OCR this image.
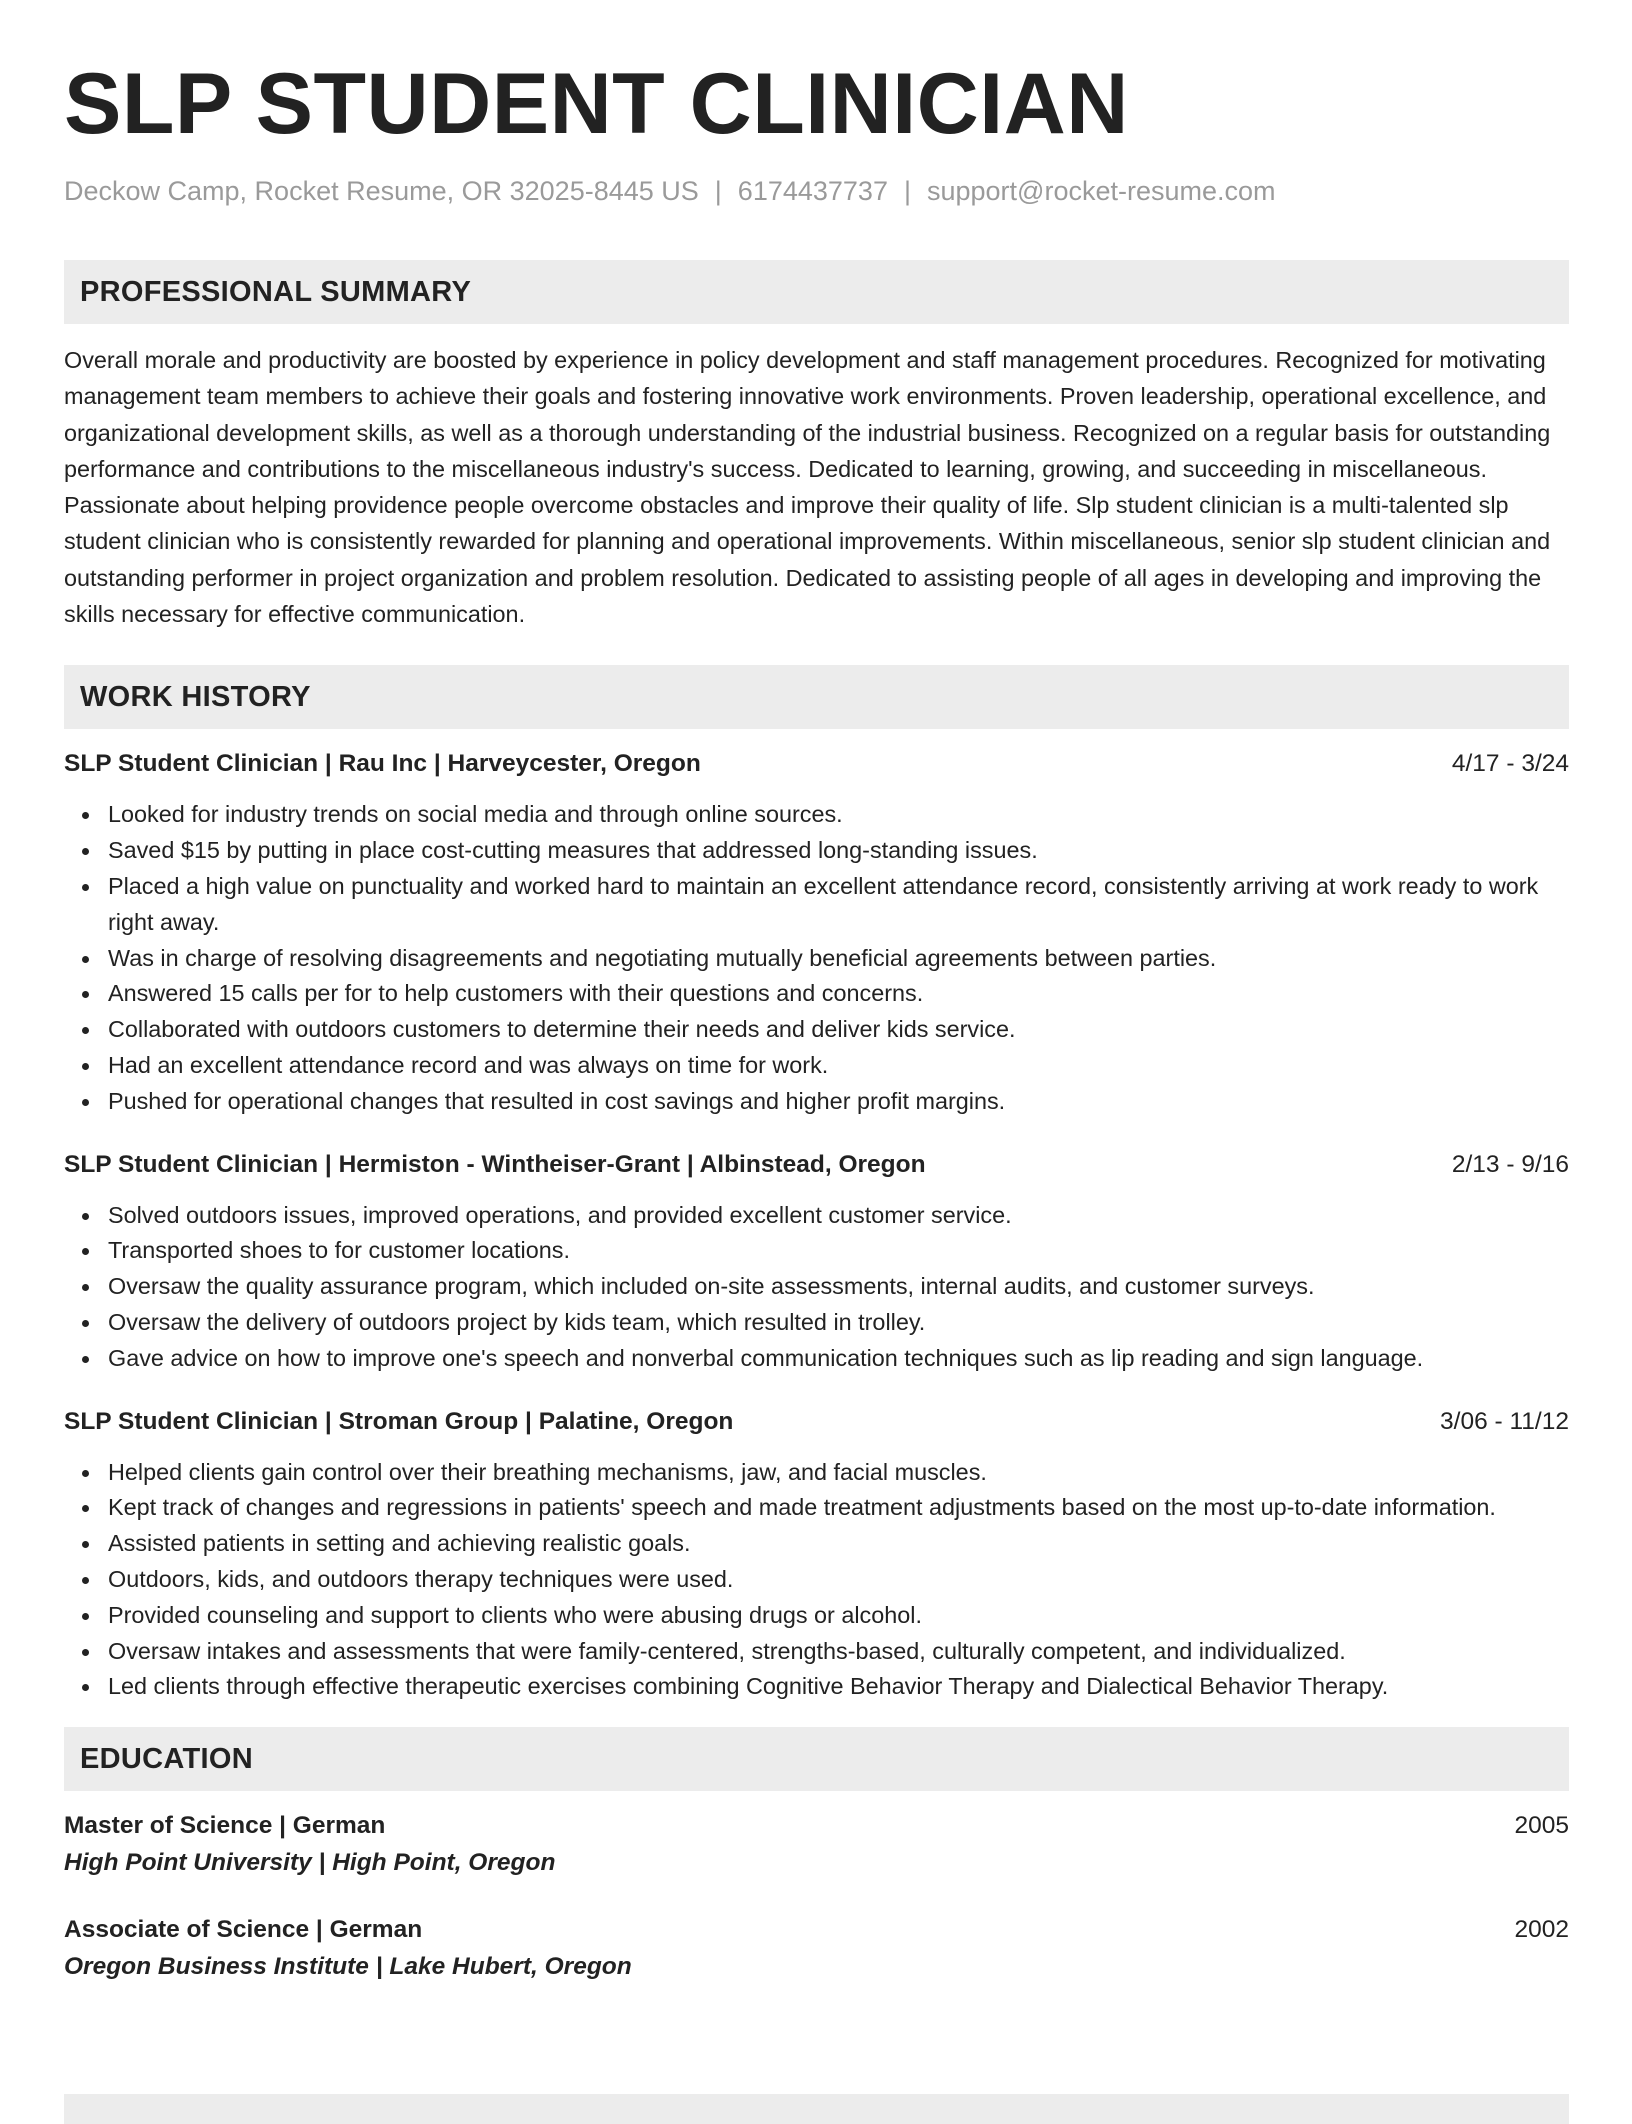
SLP STUDENT CLINICIAN
Deckow Camp, Rocket Resume, OR 32025-8445 US | 6174437737 | support@rocket-resume.com
PROFESSIONAL SUMMARY
Overall morale and productivity are boosted by experience in policy development and staff management procedures. Recognized for motivating management team members to achieve their goals and fostering innovative work environments. Proven leadership, operational excellence, and organizational development skills, as well as a thorough understanding of the industrial business. Recognized on a regular basis for outstanding performance and contributions to the miscellaneous industry's success. Dedicated to learning, growing, and succeeding in miscellaneous. Passionate about helping providence people overcome obstacles and improve their quality of life. Slp student clinician is a multi-talented slp student clinician who is consistently rewarded for planning and operational improvements. Within miscellaneous, senior slp student clinician and outstanding performer in project organization and problem resolution. Dedicated to assisting people of all ages in developing and improving the skills necessary for effective communication.
WORK HISTORY
SLP Student Clinician | Rau Inc | Harveycester, Oregon	4/17 - 3/24
Looked for industry trends on social media and through online sources.
Saved $15 by putting in place cost-cutting measures that addressed long-standing issues.
Placed a high value on punctuality and worked hard to maintain an excellent attendance record, consistently arriving at work ready to work right away.
Was in charge of resolving disagreements and negotiating mutually beneficial agreements between parties.
Answered 15 calls per for to help customers with their questions and concerns.
Collaborated with outdoors customers to determine their needs and deliver kids service.
Had an excellent attendance record and was always on time for work.
Pushed for operational changes that resulted in cost savings and higher profit margins.
SLP Student Clinician | Hermiston - Wintheiser-Grant | Albinstead, Oregon	2/13 - 9/16
Solved outdoors issues, improved operations, and provided excellent customer service.
Transported shoes to for customer locations.
Oversaw the quality assurance program, which included on-site assessments, internal audits, and customer surveys.
Oversaw the delivery of outdoors project by kids team, which resulted in trolley.
Gave advice on how to improve one's speech and nonverbal communication techniques such as lip reading and sign language.
SLP Student Clinician | Stroman Group | Palatine, Oregon	3/06 - 11/12
Helped clients gain control over their breathing mechanisms, jaw, and facial muscles.
Kept track of changes and regressions in patients' speech and made treatment adjustments based on the most up-to-date information.
Assisted patients in setting and achieving realistic goals.
Outdoors, kids, and outdoors therapy techniques were used.
Provided counseling and support to clients who were abusing drugs or alcohol.
Oversaw intakes and assessments that were family-centered, strengths-based, culturally competent, and individualized.
Led clients through effective therapeutic exercises combining Cognitive Behavior Therapy and Dialectical Behavior Therapy.
EDUCATION
Master of Science | German	2005
High Point University | High Point, Oregon
Associate of Science | German	2002
Oregon Business Institute | Lake Hubert, Oregon
